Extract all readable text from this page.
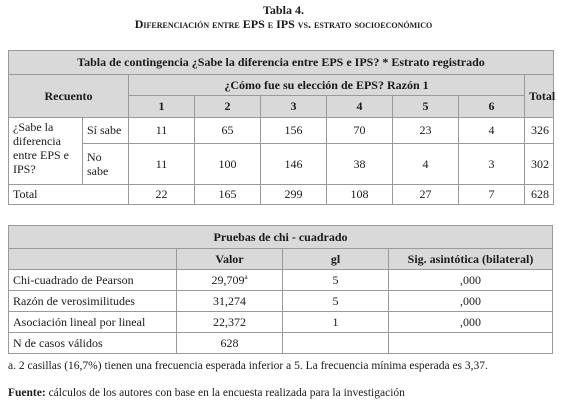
Tabla 4.
Diferenciación entre EPS e IPS vs. estrato socioeconómico
Tabla de contingencia ¿Sabe la diferencia entre EPS e IPS? * Estrato registrado								
Recuento		¿Cómo fue su elección de EPS? Razón 1						Total
		1	2	3	4	5	6	
¿Sabe la diferencia entre EPS e IPS?	Sí sabe	11	65	156	70	23	4	326
	No sabe	11	100	146	38	4	3	302
Total		22	165	299	108	27	7	628
Pruebas de chi - cuadrado			
	Valor	gl	Sig. asintótica (bilateral)
Chi-cuadrado de Pearson	29,709$^a$	5	,000
Razón de verosimilitudes	31,274	5	,000
Asociación lineal por lineal	22,372	1	,000
N de casos válidos	628		
a. 2 casillas (16,7%) tienen una frecuencia esperada inferior a 5. La frecuencia mínima esperada es 3,37.
Fuente: cálculos de los autores con base en la encuesta realizada para la investigación
